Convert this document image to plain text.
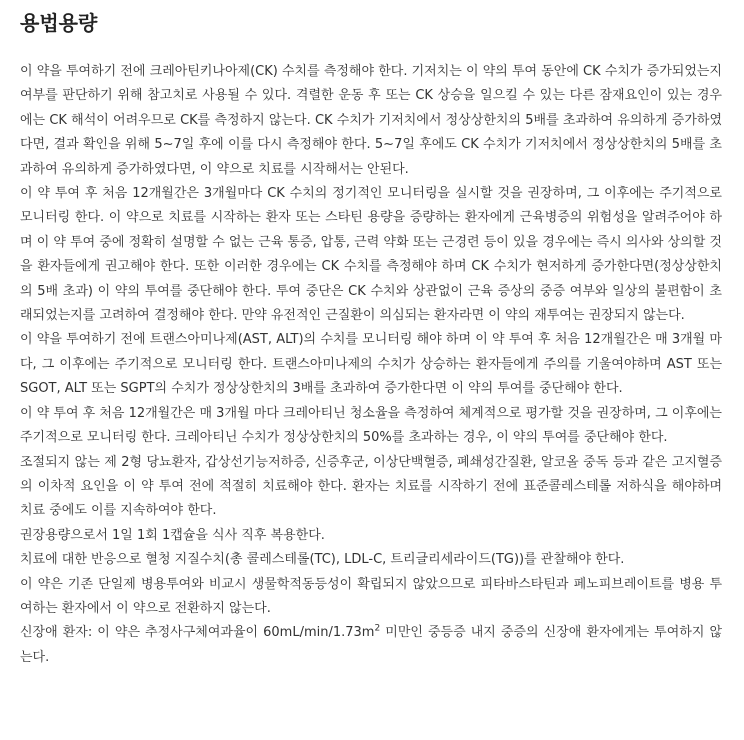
용법용량

이 약을 투여하기 전에 크레아틴키나아제(CK) 수치를 측정해야 한다. 기저치는 이 약의 투여 동안에 CK 수치가 증가되었는지 여부를 판단하기 위해 참고치로 사용될 수 있다. 격렬한 운동 후 또는 CK 상승을 일으킬 수 있는 다른 잠재요인이 있는 경우에는 CK 해석이 어려우므로 CK를 측정하지 않는다. CK 수치가 기저치에서 정상상한치의 5배를 초과하여 유의하게 증가하였다면, 결과 확인을 위해 5~7일 후에 이를 다시 측정해야 한다. 5~7일 후에도 CK 수치가 기저치에서 정상상한치의 5배를 초과하여 유의하게 증가하였다면, 이 약으로 치료를 시작해서는 안된다.

이 약 투여 후 처음 12개월간은 3개월마다 CK 수치의 정기적인 모니터링을 실시할 것을 권장하며, 그 이후에는 주기적으로 모니터링 한다. 이 약으로 치료를 시작하는 환자 또는 스타틴 용량을 증량하는 환자에게 근육병증의 위험성을 알려주어야 하며 이 약 투여 중에 정확히 설명할 수 없는 근육 통증, 압통, 근력 약화 또는 근경련 등이 있을 경우에는 즉시 의사와 상의할 것을 환자들에게 권고해야 한다. 또한 이러한 경우에는 CK 수치를 측정해야 하며 CK 수치가 현저하게 증가한다면(정상상한치의 5배 초과) 이 약의 투여를 중단해야 한다. 투여 중단은 CK 수치와 상관없이 근육 증상의 중증 여부와 일상의 불편함이 초래되었는지를 고려하여 결정해야 한다. 만약 유전적인 근질환이 의심되는 환자라면 이 약의 재투여는 권장되지 않는다.

이 약을 투여하기 전에 트랜스아미나제(AST, ALT)의 수치를 모니터링 해야 하며 이 약 투여 후 처음 12개월간은 매 3개월 마다, 그 이후에는 주기적으로 모니터링 한다. 트랜스아미나제의 수치가 상승하는 환자들에게 주의를 기울여야하며 AST 또는 SGOT, ALT 또는 SGPT의 수치가 정상상한치의 3배를 초과하여 증가한다면 이 약의 투여를 중단해야 한다.

이 약 투여 후 처음 12개월간은 매 3개월 마다 크레아티닌 청소율을 측정하여 체계적으로 평가할 것을 권장하며, 그 이후에는 주기적으로 모니터링 한다. 크레아티닌 수치가 정상상한치의 50%를 초과하는 경우, 이 약의 투여를 중단해야 한다.

조절되지 않는 제 2형 당뇨환자, 갑상선기능저하증, 신증후군, 이상단백혈증, 폐쇄성간질환, 알코올 중독 등과 같은 고지혈증의 이차적 요인을 이 약 투여 전에 적절히 치료해야 한다. 환자는 치료를 시작하기 전에 표준콜레스테롤 저하식을 해야하며 치료 중에도 이를 지속하여야 한다.

권장용량으로서 1일 1회 1캡슐을 식사 직후 복용한다.

치료에 대한 반응으로 혈청 지질수치(총 콜레스테롤(TC), LDL-C, 트리글리세라이드(TG))를 관찰해야 한다.

이 약은 기존 단일제 병용투여와 비교시 생물학적동등성이 확립되지 않았으므로 피타바스타틴과 페노피브레이트를 병용 투여하는 환자에서 이 약으로 전환하지 않는다.

신장애 환자: 이 약은 추정사구체여과율이 $60mL/\min/1.73m^2$ 미만인 중등증 내지 중증의 신장애 환자에게는 투여하지 않는다.
